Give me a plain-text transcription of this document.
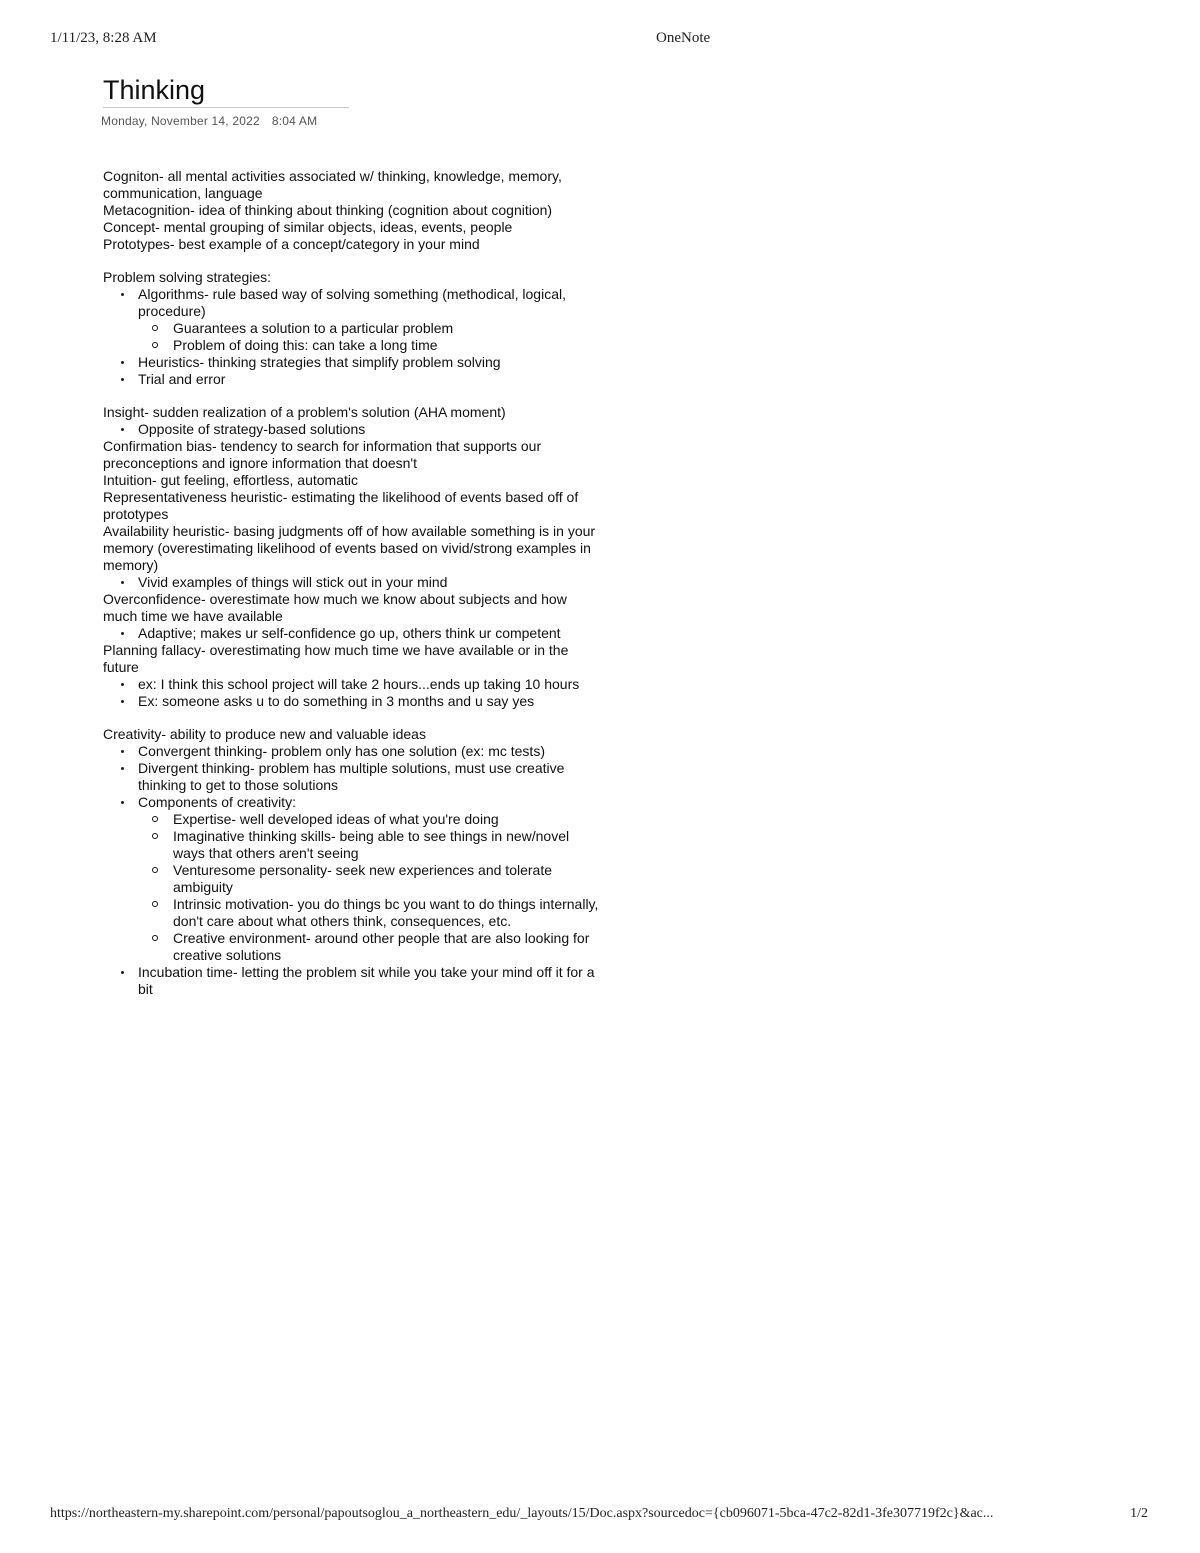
1/11/23, 8:28 AM	OneNote
Thinking
Monday, November 14, 2022 8:04 AM

Cogniton- all mental activities associated w/ thinking, knowledge, memory, communication, language

Metacognition- idea of thinking about thinking (cognition about cognition)

Concept- mental grouping of similar objects, ideas, events, people

Prototypes- best example of a concept/category in your mind

Problem solving strategies:

Algorithms- rule based way of solving something (methodical, logical, procedure)
Guarantees a solution to a particular problem
Problem of doing this: can take a long time
Heuristics- thinking strategies that simplify problem solving
Trial and error

Insight- sudden realization of a problem's solution (AHA moment)

Opposite of strategy-based solutions

Confirmation bias- tendency to search for information that supports our preconceptions and ignore information that doesn't

Intuition- gut feeling, effortless, automatic

Representativeness heuristic- estimating the likelihood of events based off of prototypes

Availability heuristic- basing judgments off of how available something is in your memory (overestimating likelihood of events based on vivid/strong examples in memory)

Vivid examples of things will stick out in your mind

Overconfidence- overestimate how much we know about subjects and how much time we have available

Adaptive; makes ur self-confidence go up, others think ur competent

Planning fallacy- overestimating how much time we have available or in the future

ex: I think this school project will take 2 hours...ends up taking 10 hours
Ex: someone asks u to do something in 3 months and u say yes

Creativity- ability to produce new and valuable ideas

Convergent thinking- problem only has one solution (ex: mc tests)
Divergent thinking- problem has multiple solutions, must use creative thinking to get to those solutions
Components of creativity:
Expertise- well developed ideas of what you're doing
Imaginative thinking skills- being able to see things in new/novel ways that others aren't seeing
Venturesome personality- seek new experiences and tolerate ambiguity
Intrinsic motivation- you do things bc you want to do things internally, don't care about what others think, consequences, etc.
Creative environment- around other people that are also looking for creative solutions
Incubation time- letting the problem sit while you take your mind off it for a bit
https://northeastern-my.sharepoint.com/personal/papoutsoglou_a_northeastern_edu/_layouts/15/Doc.aspx?sourcedoc={cb096071-5bca-47c2-82d1-3fe307719f2c}&ac...	1/2
